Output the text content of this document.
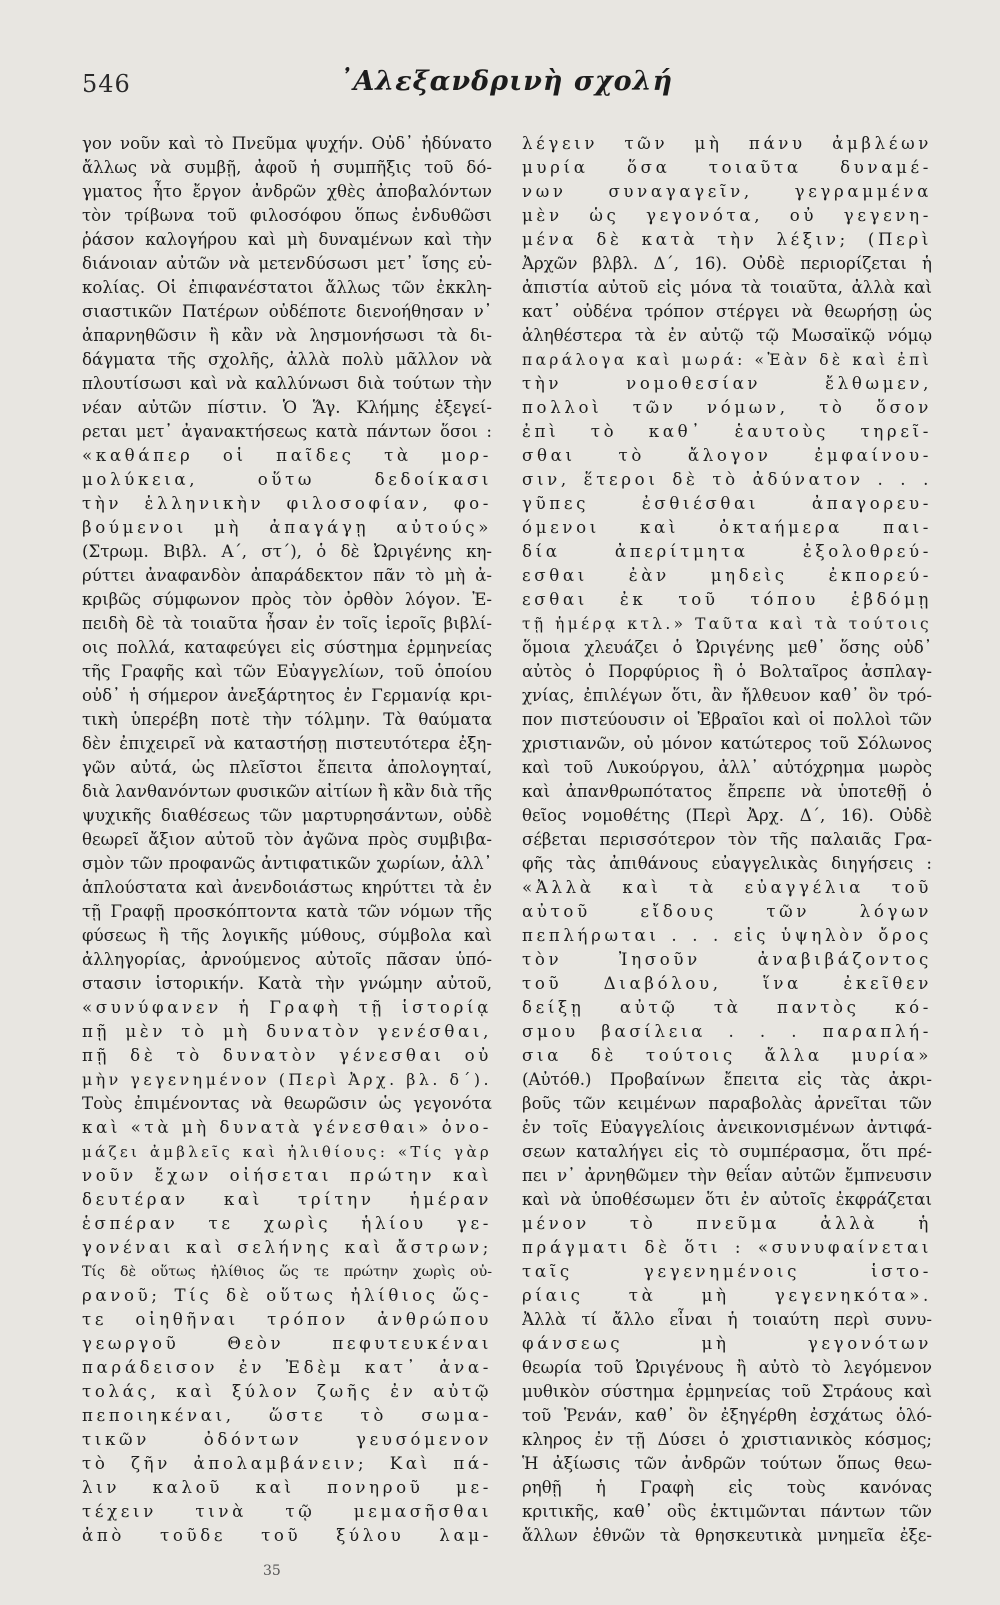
546	᾿Αλεξανδρινὴ σχολή
γον νοῦν καὶ τὸ Πνεῦμα ψυχήν. Οὐδ᾽ ἠδύνατο
ἄλλως νὰ συμβῇ, ἀφοῦ ἡ συμπῆξις τοῦ δό-
γματος ἦτο ἔργον ἀνδρῶν χθὲς ἀποβαλόντων
τὸν τρίβωνα τοῦ φιλοσόφου ὅπως ἐνδυθῶσι
ῥάσον καλογήρου καὶ μὴ δυναμένων καὶ τὴν
διάνοιαν αὐτῶν νὰ μετενδύσωσι μετ᾽ ἴσης εὐ-
κολίας. Οἱ ἐπιφανέστατοι ἄλλως τῶν ἐκκλη-
σιαστικῶν Πατέρων οὐδέποτε διενοήθησαν ν᾽
ἀπαρνηθῶσιν ἢ κἂν νὰ λησμονήσωσι τὰ δι-
δάγματα τῆς σχολῆς, ἀλλὰ πολὺ μᾶλλον νὰ
πλουτίσωσι καὶ νὰ καλλύνωσι διὰ τούτων τὴν
νέαν αὐτῶν πίστιν. Ὁ Ἅγ. Κλήμης ἐξεγεί-
ρεται μετ᾽ ἀγανακτήσεως κατὰ πάντων ὅσοι :
«καθάπερ οἱ παῖδες τὰ μορ-
μολύκεια, οὕτω δεδοίκασι
τὴν ἑλληνικὴν φιλοσοφίαν, φο-
βούμενοι μὴ ἀπαγάγῃ αὐτούς»
(Στρωμ. Βιβλ. Α΄, στ΄), ὁ δὲ Ὠριγένης κη-
ρύττει ἀναφανδὸν ἀπαράδεκτον πᾶν τὸ μὴ ἀ-
κριβῶς σύμφωνον πρὸς τὸν ὀρθὸν λόγον. Ἐ-
πειδὴ δὲ τὰ τοιαῦτα ἦσαν ἐν τοῖς ἱεροῖς βιβλί-
οις πολλά, καταφεύγει εἰς σύστημα ἑρμηνείας
τῆς Γραφῆς καὶ τῶν Εὐαγγελίων, τοῦ ὁποίου
οὐδ᾽ ἡ σήμερον ἀνεξάρτητος ἐν Γερμανίᾳ κρι-
τικὴ ὑπερέβη ποτὲ τὴν τόλμην. Τὰ θαύματα
δὲν ἐπιχειρεῖ νὰ καταστήσῃ πιστευτότερα ἐξη-
γῶν αὐτά, ὡς πλεῖστοι ἔπειτα ἀπολογηταί,
διὰ λανθανόντων φυσικῶν αἰτίων ἢ κἂν διὰ τῆς
ψυχικῆς διαθέσεως τῶν μαρτυρησάντων, οὐδὲ
θεωρεῖ ἄξιον αὐτοῦ τὸν ἀγῶνα πρὸς συμβιβα-
σμὸν τῶν προφανῶς ἀντιφατικῶν χωρίων, ἀλλ᾽
ἁπλούστατα καὶ ἀνενδοιάστως κηρύττει τὰ ἐν
τῇ Γραφῇ προσκόπτοντα κατὰ τῶν νόμων τῆς
φύσεως ἢ τῆς λογικῆς μύθους, σύμβολα καὶ
ἀλληγορίας, ἀρνούμενος αὐτοῖς πᾶσαν ὑπό-
στασιν ἱστορικήν. Κατὰ τὴν γνώμην αὐτοῦ,
«συνύφανεν ἡ Γραφὴ τῇ ἱστορίᾳ
πῇ μὲν τὸ μὴ δυνατὸν γενέσθαι,
πῇ δὲ τὸ δυνατὸν γένεσθαι οὐ
μὴν γεγενημένον (Περὶ Ἀρχ. βλ. δ΄).
Τοὺς ἐπιμένοντας νὰ θεωρῶσιν ὡς γεγονότα
καὶ «τὰ μὴ δυνατὰ γένεσθαι» ὀνο-
μάζει ἀμβλεῖς καὶ ἠλιθίους: «Τίς γὰρ
νοῦν ἔχων οἰήσεται πρώτην καὶ
δευτέραν καὶ τρίτην ἡμέραν
ἑσπέραν τε χωρὶς ἡλίου γε-
γονέναι καὶ σελήνης καὶ ἄστρων;
Τίς δὲ οὕτως ἠλίθιος ὥς τε πρώτην χωρὶς οὐ-
ρανοῦ; Τίς δὲ οὕτως ἠλίθιος ὥς-
τε οἰηθῆναι τρόπον ἀνθρώπου
γεωργοῦ Θεὸν πεφυτευκέναι
παράδεισον ἐν Ἐδὲμ κατ᾽ ἀνα-
τολάς, καὶ ξύλον ζωῆς ἐν αὐτῷ
πεποιηκέναι, ὥστε τὸ σωμα-
τικῶν ὀδόντων γευσόμενον
τὸ ζῆν ἀπολαμβάνειν; Καὶ πά-
λιν καλοῦ καὶ πονηροῦ με-
τέχειν τινὰ τῷ μεμασῆσθαι
ἀπὸ τοῦδε τοῦ ξύλου λαμ-
λέγειν τῶν μὴ πάνυ ἀμβλέων
μυρία ὅσα τοιαῦτα δυναμέ-
νων συναγαγεῖν, γεγραμμένα
μὲν ὡς γεγονότα, οὐ γεγενη-
μένα δὲ κατὰ τὴν λέξιν; (Περὶ
Ἀρχῶν βλβλ. Δ΄, 16). Οὐδὲ περιορίζεται ἡ
ἀπιστία αὐτοῦ εἰς μόνα τὰ τοιαῦτα, ἀλλὰ καὶ
κατ᾽ οὐδένα τρόπον στέργει νὰ θεωρήσῃ ὡς
ἀληθέστερα τὰ ἐν αὐτῷ τῷ Μωσαϊκῷ νόμῳ
παράλογα καὶ μωρά: «Ἐὰν δὲ καὶ ἐπὶ
τὴν νομοθεσίαν ἔλθωμεν,
πολλοὶ τῶν νόμων, τὸ ὅσον
ἐπὶ τὸ καθ᾽ ἑαυτοὺς τηρεῖ-
σθαι τὸ ἄλογον ἐμφαίνου-
σιν, ἕτεροι δὲ τὸ ἀδύνατον . . .
γῦπες ἐσθιέσθαι ἀπαγορευ-
όμενοι καὶ ὀκταήμερα παι-
δία ἀπερίτμητα ἐξολοθρεύ-
εσθαι ἐὰν μηδεὶς ἐκπορεύ-
εσθαι ἐκ τοῦ τόπου ἑβδόμῃ
τῇ ἡμέρᾳ κτλ.» Ταῦτα καὶ τὰ τούτοις
ὅμοια χλευάζει ὁ Ὠριγένης μεθ᾽ ὅσης οὐδ᾽
αὐτὸς ὁ Πορφύριος ἢ ὁ Βολταῖρος ἀσπλαγ-
χνίας, ἐπιλέγων ὅτι, ἂν ἤλθευον καθ᾽ ὃν τρό-
πον πιστεύουσιν οἱ Ἑβραῖοι καὶ οἱ πολλοὶ τῶν
χριστιανῶν, οὐ μόνον κατώτερος τοῦ Σόλωνος
καὶ τοῦ Λυκούργου, ἀλλ᾽ αὐτόχρημα μωρὸς
καὶ ἀπανθρωπότατος ἔπρεπε νὰ ὑποτεθῇ ὁ
θεῖος νομοθέτης (Περὶ Ἀρχ. Δ΄, 16). Οὐδὲ
σέβεται περισσότερον τὸν τῆς παλαιᾶς Γρα-
φῆς τὰς ἀπιθάνους εὐαγγελικὰς διηγήσεις :
«Ἀλλὰ καὶ τὰ εὐαγγέλια τοῦ
αὐτοῦ εἴδους τῶν λόγων
πεπλήρωται . . . εἰς ὑψηλὸν ὄρος
τὸν Ἰησοῦν ἀναβιβάζοντος
τοῦ Διαβόλου, ἵνα ἐκεῖθεν
δείξῃ αὐτῷ τὰ παντὸς κό-
σμου βασίλεια . . . παραπλή-
σια δὲ τούτοις ἄλλα μυρία»
(Αὐτόθ.) Προβαίνων ἔπειτα εἰς τὰς ἀκρι-
βοῦς τῶν κειμένων παραβολὰς ἀρνεῖται τῶν
ἐν τοῖς Εὐαγγελίοις ἀνεικονισμένων ἀντιφά-
σεων καταλήγει εἰς τὸ συμπέρασμα, ὅτι πρέ-
πει ν᾽ ἀρνηθῶμεν τὴν θεΐαν αὐτῶν ἔμπνευσιν
καὶ νὰ ὑποθέσωμεν ὅτι ἐν αὐτοῖς ἐκφράζεται
μένον τὸ πνεῦμα ἀλλὰ ἡ
πράγματι δὲ ὅτι : «συνυφαίνεται
ταῖς γεγενημένοις ἱστο-
ρίαις τὰ μὴ γεγενηκότα».
Ἀλλὰ τί ἄλλο εἶναι ἡ τοιαύτη περὶ συνυ-
φάνσεως μὴ γεγονότων
θεωρία τοῦ Ὠριγένους ἢ αὐτὸ τὸ λεγόμενον
μυθικὸν σύστημα ἑρμηνείας τοῦ Στράους καὶ
τοῦ Ῥενάν, καθ᾽ ὃν ἐξηγέρθη ἐσχάτως ὁλό-
κληρος ἐν τῇ Δύσει ὁ χριστιανικὸς κόσμος;
Ἡ ἀξίωσις τῶν ἀνδρῶν τούτων ὅπως θεω-
ρηθῇ ἡ Γραφὴ εἰς τοὺς κανόνας
κριτικῆς, καθ᾽ οὓς ἐκτιμῶνται πάντων τῶν
ἄλλων ἐθνῶν τὰ θρησκευτικὰ μνημεῖα ἐξε-
35
